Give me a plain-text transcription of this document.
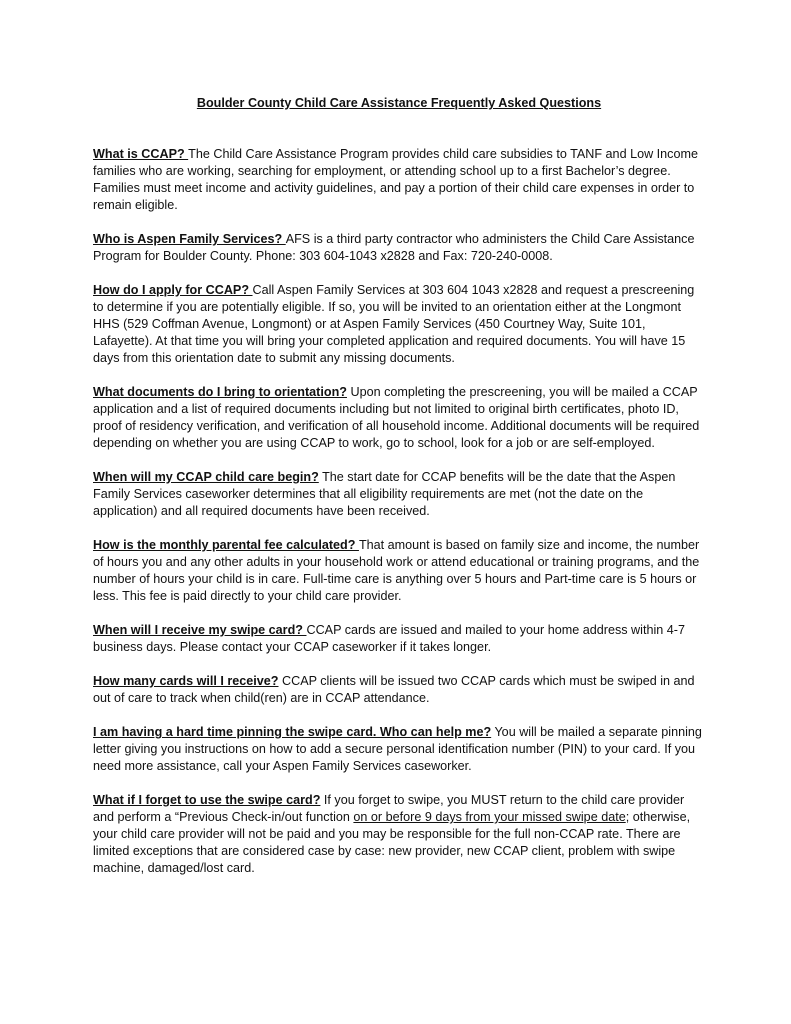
Boulder County Child Care Assistance Frequently Asked Questions

What is CCAP? The Child Care Assistance Program provides child care subsidies to TANF and Low Income families who are working, searching for employment, or attending school up to a first Bachelor’s degree. Families must meet income and activity guidelines, and pay a portion of their child care expenses in order to remain eligible.

Who is Aspen Family Services? AFS is a third party contractor who administers the Child Care Assistance Program for Boulder County. Phone: 303 604-1043 x2828 and Fax: 720-240-0008.

How do I apply for CCAP? Call Aspen Family Services at 303 604 1043 x2828 and request a prescreening to determine if you are potentially eligible. If so, you will be invited to an orientation either at the Longmont HHS (529 Coffman Avenue, Longmont) or at Aspen Family Services (450 Courtney Way, Suite 101, Lafayette). At that time you will bring your completed application and required documents. You will have 15 days from this orientation date to submit any missing documents.

What documents do I bring to orientation? Upon completing the prescreening, you will be mailed a CCAP application and a list of required documents including but not limited to original birth certificates, photo ID, proof of residency verification, and verification of all household income. Additional documents will be required depending on whether you are using CCAP to work, go to school, look for a job or are self-employed.

When will my CCAP child care begin? The start date for CCAP benefits will be the date that the Aspen Family Services caseworker determines that all eligibility requirements are met (not the date on the application) and all required documents have been received.

How is the monthly parental fee calculated? That amount is based on family size and income, the number of hours you and any other adults in your household work or attend educational or training programs, and the number of hours your child is in care. Full-time care is anything over 5 hours and Part-time care is 5 hours or less. This fee is paid directly to your child care provider.

When will I receive my swipe card? CCAP cards are issued and mailed to your home address within 4-7 business days. Please contact your CCAP caseworker if it takes longer.

How many cards will I receive? CCAP clients will be issued two CCAP cards which must be swiped in and out of care to track when child(ren) are in CCAP attendance.

I am having a hard time pinning the swipe card. Who can help me? You will be mailed a separate pinning letter giving you instructions on how to add a secure personal identification number (PIN) to your card. If you need more assistance, call your Aspen Family Services caseworker.

What if I forget to use the swipe card? If you forget to swipe, you MUST return to the child care provider and perform a “Previous Check-in/out function on or before 9 days from your missed swipe date; otherwise, your child care provider will not be paid and you may be responsible for the full non-CCAP rate. There are limited exceptions that are considered case by case: new provider, new CCAP client, problem with swipe machine, damaged/lost card.
